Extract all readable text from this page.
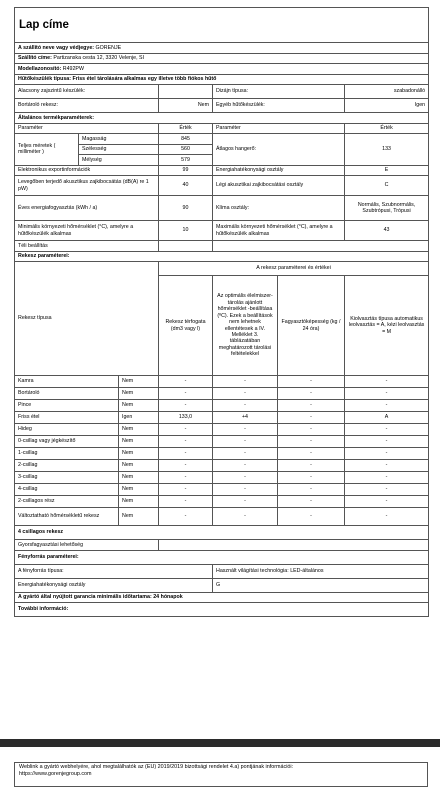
Lap címe						
A szállító neve vagy védjegye: GORENJE						
Szállító címe: Partizanska cesta 12, 3320 Velenje, SI						
Modellazonosító: R492PW						
Hűtőkészülék típusa: Friss étel tárolására alkalmas egy illetve több fiókos hűtő						
Alacsony zajszintű készülék:				Dizájn típusa:		szabadonálló
Bortároló rekesz:			Nem	Egyéb hűtőkészülék:		Igen
Általános termékparaméterek:						
Paraméter			Érték	Paraméter		Érték
Teljes méretek ( milliméter )	Magasság		845	Átlagos hangerő:		133
	Szélesség		560			
	Mélység		579			
Elektronikus exportinformációk			99	Energiahatékonysági osztály		E
Levegőben terjedő akusztikus zajkibocsátás (dB(A) re 1 pW)			40	Légi akusztikai zajkibocsátási osztály		C
Éves energiafogyasztás (kWh / a)			90	Klíma osztály:		Normális, Szubnormális, Szubtrópusi, Trópusi
Minimális környezeti hőmérséklet (°C), amelyre a hűtőkészülék alkalmas			10	Maximális környezeti hőmérséklet (°C), amelyre a hűtőkészülék alkalmas		43
Téli beállítás						
Rekesz paraméterei:						
Rekesz típusa			A rekesz paraméterei és értékei			
			Rekesz térfogata (dm3 vagy l)	Az optimális élelmiszer-tárolás ajánlott hőmérséklet -beállítása (ºC). Ezek a beállítások nem lehetnek ellentétesek a IV. Melléklet 3. táblázatában meghatározott tárolási feltételekkel	Fagyasztóképesség (kg / 24 óra)	Kiolvasztás típusa automatikus leolvasztás = A, kézi leolvasztás = M
Kamra		Nem	-	-	-	-
Bortároló		Nem	-	-	-	-
Pince		Nem	-	-	-	-
Friss étel		Igen	133,0	+4	-	A
Hideg		Nem	-	-	-	-
0-csillag vagy jégkészítő		Nem	-	-	-	-
1-csillag		Nem	-	-	-	-
2-csillag		Nem	-	-	-	-
3-csillag		Nem	-	-	-	-
4-csillag		Nem	-	-	-	-
2-csillagos rész		Nem	-	-	-	-
Változtatható hőmérsékletű rekesz		Nem	-	-	-	-
4 csillagos rekesz						
Gyorsfagyasztási lehetőség						
Fényforrás paraméterei:						
A fényforrás típusa:				Használt világítási technológia: LED-általános		
Energiahatékonysági osztály				G		
A gyártó által nyújtott garancia minimális időtartama: 24 hónapok						
További információ:						
Weblink a gyártó webhelyére, ahol megtalálhatók az (EU) 2019/2019 bizottsági rendelet 4.a) pontjának információi:
https://www.gorenjegroup.com
